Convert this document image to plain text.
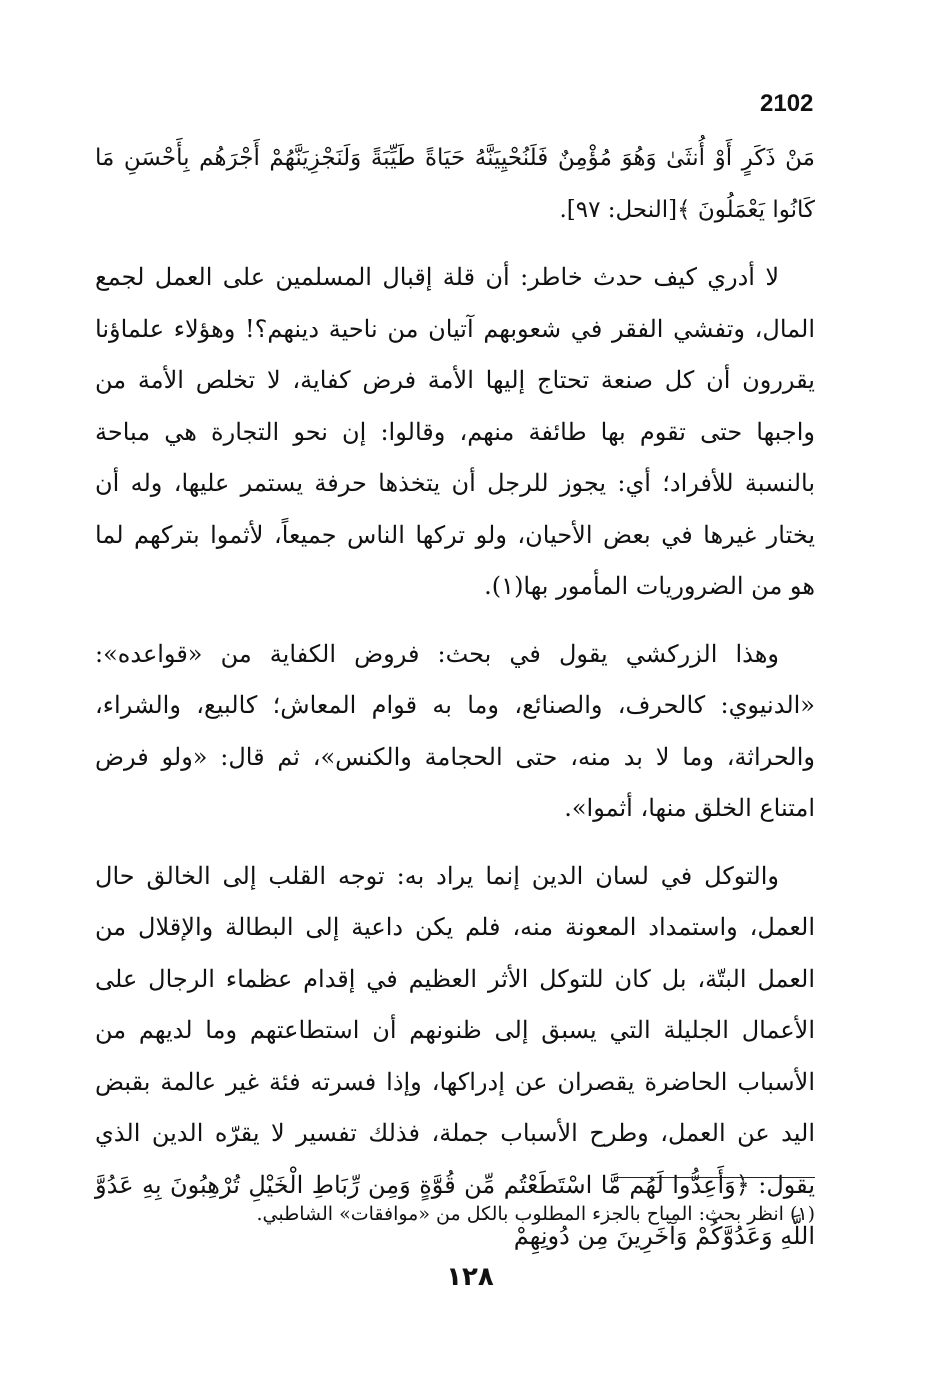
2102

مَنْ ذَكَرٍ أَوْ أُنثَىٰ وَهُوَ مُؤْمِنٌ فَلَنُحْيِيَنَّهُ حَيَاةً طَيِّبَةً وَلَنَجْزِيَنَّهُمْ أَجْرَهُم بِأَحْسَنِ مَا كَانُوا يَعْمَلُونَ ﴾[النحل: ٩٧].

لا أدري كيف حدث خاطر: أن قلة إقبال المسلمين على العمل لجمع المال، وتفشي الفقر في شعوبهم آتيان من ناحية دينهم؟! وهؤلاء علماؤنا يقررون أن كل صنعة تحتاج إليها الأمة فرض كفاية، لا تخلص الأمة من واجبها حتى تقوم بها طائفة منهم، وقالوا: إن نحو التجارة هي مباحة بالنسبة للأفراد؛ أي: يجوز للرجل أن يتخذها حرفة يستمر عليها، وله أن يختار غيرها في بعض الأحيان، ولو تركها الناس جميعاً، لأثموا بتركهم لما هو من الضروريات المأمور بها(١).

وهذا الزركشي يقول في بحث: فروض الكفاية من «قواعده»: «الدنيوي: كالحرف، والصنائع، وما به قوام المعاش؛ كالبيع، والشراء، والحراثة، وما لا بد منه، حتى الحجامة والكنس»، ثم قال: «ولو فرض امتناع الخلق منها، أثموا».

والتوكل في لسان الدين إنما يراد به: توجه القلب إلى الخالق حال العمل، واستمداد المعونة منه، فلم يكن داعية إلى البطالة والإقلال من العمل البتّة، بل كان للتوكل الأثر العظيم في إقدام عظماء الرجال على الأعمال الجليلة التي يسبق إلى ظنونهم أن استطاعتهم وما لديهم من الأسباب الحاضرة يقصران عن إدراكها، وإذا فسرته فئة غير عالمة بقبض اليد عن العمل، وطرح الأسباب جملة، فذلك تفسير لا يقرّه الدين الذي يقول: ﴿وَأَعِدُّوا لَهُم مَّا اسْتَطَعْتُم مِّن قُوَّةٍ وَمِن رِّبَاطِ الْخَيْلِ تُرْهِبُونَ بِهِ عَدُوَّ اللَّهِ وَعَدُوَّكُمْ وَآخَرِينَ مِن دُونِهِمْ

(١) انظر بحث: المباح بالجزء المطلوب بالكل من «موافقات» الشاطبي.
١٢٨
